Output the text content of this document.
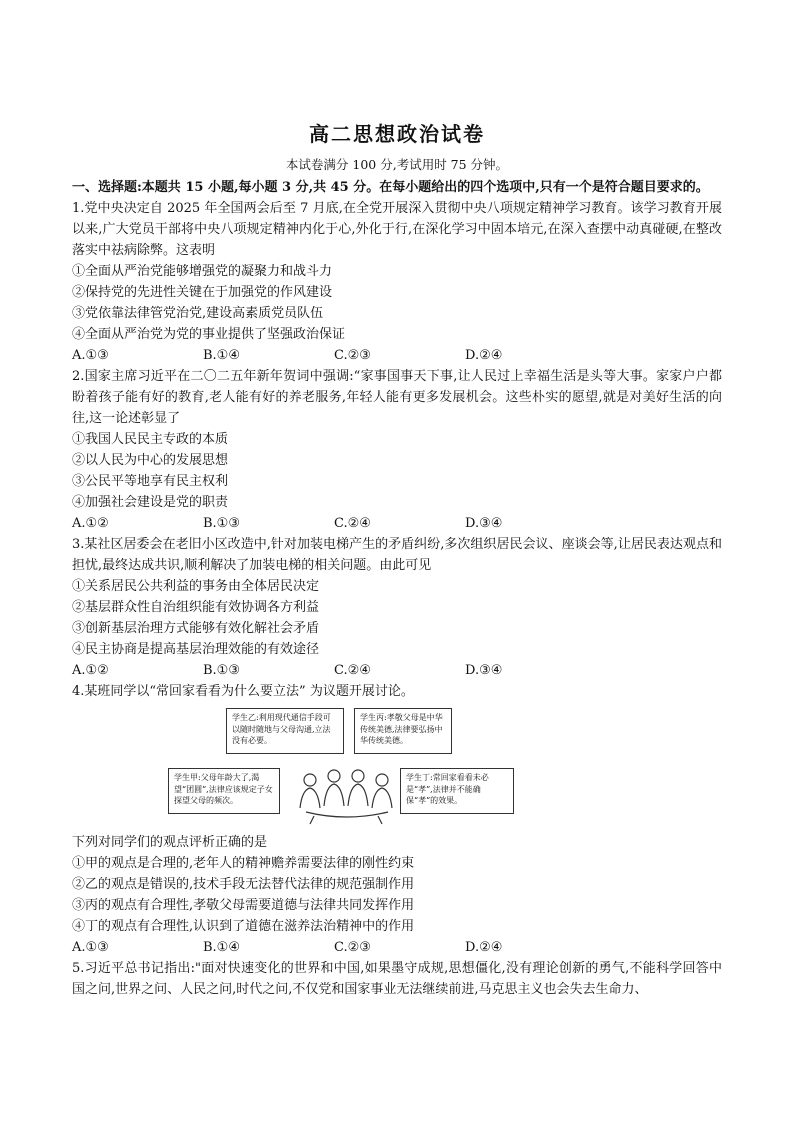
高二思想政治试卷

本试卷满分 100 分,考试用时 75 分钟。

一、选择题:本题共 15 小题,每小题 3 分,共 45 分。在每小题给出的四个选项中,只有一个是符合题目要求的。

1.党中央决定自 2025 年全国两会后至 7 月底,在全党开展深入贯彻中央八项规定精神学习教育。该学习教育开展以来,广大党员干部将中央八项规定精神内化于心,外化于行,在深化学习中固本培元,在深入查摆中动真碰硬,在整改落实中祛病除弊。这表明

①全面从严治党能够增强党的凝聚力和战斗力

②保持党的先进性关键在于加强党的作风建设

③党依靠法律管党治党,建设高素质党员队伍

④全面从严治党为党的事业提供了坚强政治保证

A.①③	B.①④	C.②③	D.②④

2.国家主席习近平在二〇二五年新年贺词中强调:“家事国事天下事,让人民过上幸福生活是头等大事。家家户户都盼着孩子能有好的教育,老人能有好的养老服务,年轻人能有更多发展机会。这些朴实的愿望,就是对美好生活的向往,这一论述彰显了

①我国人民民主专政的本质

②以人民为中心的发展思想

③公民平等地享有民主权利

④加强社会建设是党的职责

A.①②	B.①③	C.②④	D.③④

3.某社区居委会在老旧小区改造中,针对加装电梯产生的矛盾纠纷,多次组织居民会议、座谈会等,让居民表达观点和担忧,最终达成共识,顺利解决了加装电梯的相关问题。由此可见

①关系居民公共利益的事务由全体居民决定

②基层群众性自治组织能有效协调各方利益

③创新基层治理方式能够有效化解社会矛盾

④民主协商是提高基层治理效能的有效途径

A.①②	B.①③	C.②④	D.③④

4.某班同学以“常回家看看为什么要立法” 为议题开展讨论。

学生乙:利用现代通信手段可以随时随地与父母沟通,立法没有必要。
学生丙:孝敬父母是中华传统美德,法律要弘扬中华传统美德。
学生甲:父母年龄大了,渴望“团圆”,法律应该规定子女探望父母的频次。
学生丁:常回家看看未必是“孝”,法律并不能确保“孝”的效果。

下列对同学们的观点评析正确的是

①甲的观点是合理的,老年人的精神赡养需要法律的刚性约束

②乙的观点是错误的,技术手段无法替代法律的规范强制作用

③丙的观点有合理性,孝敬父母需要道德与法律共同发挥作用

④丁的观点有合理性,认识到了道德在滋养法治精神中的作用

A.①③	B.①④	C.②③	D.②④

5.习近平总书记指出:"面对快速变化的世界和中国,如果墨守成规,思想僵化,没有理论创新的勇气,不能科学回答中国之问,世界之问、人民之问,时代之问,不仅党和国家事业无法继续前进,马克思主义也会失去生命力、
